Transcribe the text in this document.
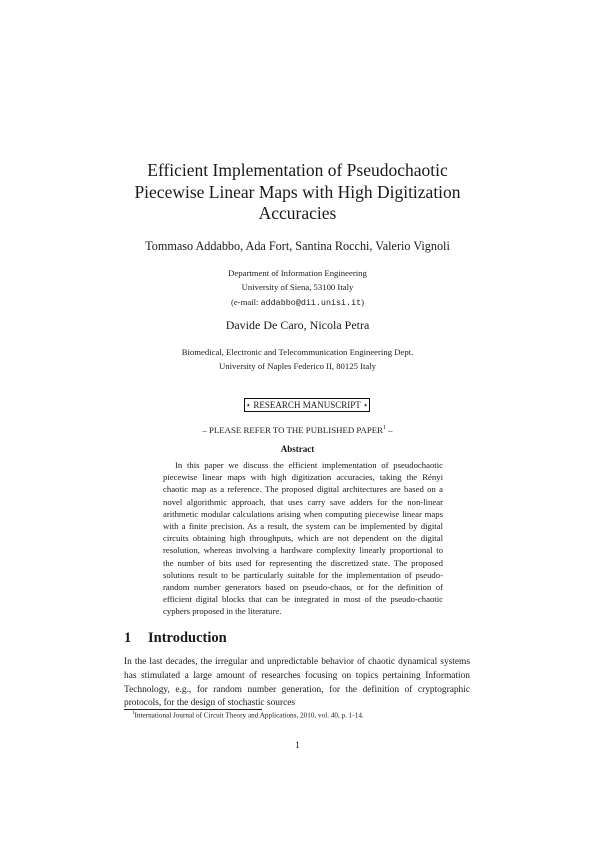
Efficient Implementation of Pseudochaotic
Piecewise Linear Maps with High Digitization
Accuracies
Tommaso Addabbo, Ada Fort, Santina Rocchi, Valerio Vignoli
Department of Information Engineering
University of Siena, 53100 Italy
(e-mail: addabbo@dii.unisi.it)
Davide De Caro, Nicola Petra
Biomedical, Electronic and Telecommunication Engineering Dept.
University of Naples Federico II, 80125 Italy
⋆ RESEARCH MANUSCRIPT ⋆
– PLEASE REFER TO THE PUBLISHED PAPER$^1$ –
Abstract
In this paper we discuss the efficient implementation of pseudochaotic piecewise linear maps with high digitization accuracies, taking the Rényi chaotic map as a reference. The proposed digital architectures are based on a novel algorithmic approach, that uses carry save adders for the non-linear arithmetic modular calculations arising when computing piecewise linear maps with a finite precision. As a result, the system can be implemented by digital circuits obtaining high throughputs, which are not dependent on the digital resolution, whereas involving a hardware complexity linearly proportional to the number of bits used for representing the discretized state. The proposed solutions result to be particularly suitable for the implementation of pseudo-random number generators based on pseudo-chaos, or for the definition of efficient digital blocks that can be integrated in most of the pseudo-chaotic cyphers proposed in the literature.
1 Introduction
In the last decades, the irregular and unpredictable behavior of chaotic dynamical systems has stimulated a large amount of researches focusing on topics pertaining Information Technology, e.g., for random number generation, for the definition of cryptographic protocols, for the design of stochastic sources
$^1$International Journal of Circuit Theory and Applications, 2010, vol. 40, p. 1-14.
1
